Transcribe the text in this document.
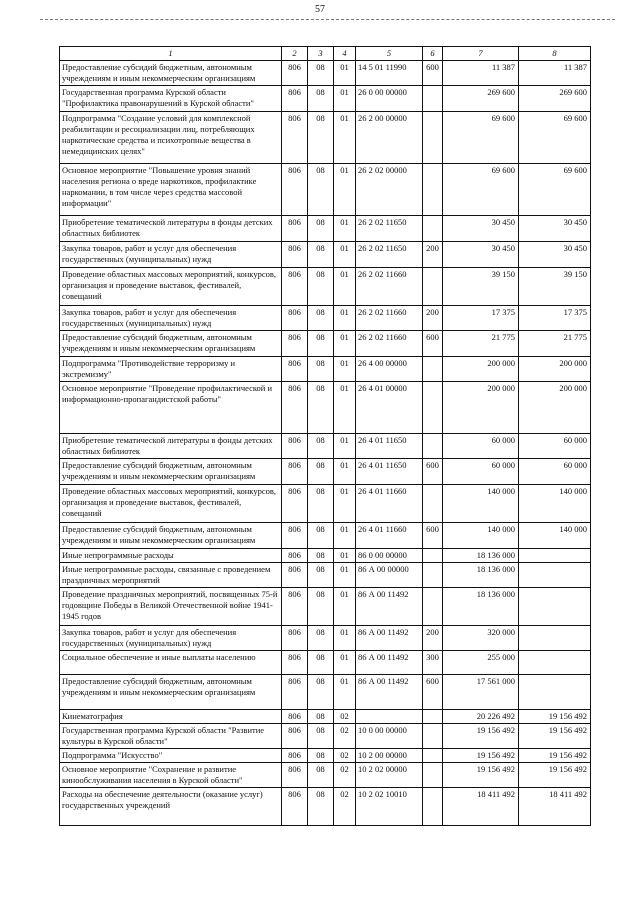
57
1	2	3	4	5	6	7	8
Предоставление субсидий бюджетным, автономным учреждениям и иным некоммерческим организациям	806	08	01	14 5 01 11990	600	11 387	11 387
Государственная программа Курской области "Профилактика правонарушений в Курской области"	806	08	01	26 0 00 00000		269 600	269 600
Подпрограмма "Создание условий для комплексной реабилитации и ресоциализации лиц, потребляющих наркотические средства и психотропные вещества в немедицинских целях"	806	08	01	26 2 00 00000		69 600	69 600
Основное мероприятие "Повышение уровня знаний населения региона о вреде наркотиков, профилактике наркомании, в том числе через средства массовой информации"	806	08	01	26 2 02 00000		69 600	69 600
Приобретение тематической литературы в фонды детских областных библиотек	806	08	01	26 2 02 11650		30 450	30 450
Закупка товаров, работ и услуг для обеспечения государственных (муниципальных) нужд	806	08	01	26 2 02 11650	200	30 450	30 450
Проведение областных массовых мероприятий, конкурсов, организация и проведение выставок, фестивалей, совещаний	806	08	01	26 2 02 11660		39 150	39 150
Закупка товаров, работ и услуг для обеспечения государственных (муниципальных) нужд	806	08	01	26 2 02 11660	200	17 375	17 375
Предоставление субсидий бюджетным, автономным учреждениям и иным некоммерческим организациям	806	08	01	26 2 02 11660	600	21 775	21 775
Подпрограмма "Противодействие терроризму и экстремизму"	806	08	01	26 4 00 00000		200 000	200 000
Основное мероприятие "Проведение профилактической и информационно-пропагандистской работы"	806	08	01	26 4 01 00000		200 000	200 000
Приобретение тематической литературы в фонды детских областных библиотек	806	08	01	26 4 01 11650		60 000	60 000
Предоставление субсидий бюджетным, автономным учреждениям и иным некоммерческим организациям	806	08	01	26 4 01 11650	600	60 000	60 000
Проведение областных массовых мероприятий, конкурсов, организация и проведение выставок, фестивалей, совещаний	806	08	01	26 4 01 11660		140 000	140 000
Предоставление субсидий бюджетным, автономным учреждениям и иным некоммерческим организациям	806	08	01	26 4 01 11660	600	140 000	140 000
Иные непрограммные расходы	806	08	01	86 0 00 00000		18 136 000	
Иные непрограммные расходы, связанные с проведением праздничных мероприятий	806	08	01	86 А 00 00000		18 136 000	
Проведение праздничных мероприятий, посвященных 75-й годовщине Победы в Великой Отечественной войне 1941-1945 годов	806	08	01	86 А 00 11492		18 136 000	
Закупка товаров, работ и услуг для обеспечения государственных (муниципальных) нужд	806	08	01	86 А 00 11492	200	320 000	
Социальное обеспечение и иные выплаты населению	806	08	01	86 А 00 11492	300	255 000	
Предоставление субсидий бюджетным, автономным учреждениям и иным некоммерческим организациям	806	08	01	86 А 00 11492	600	17 561 000	
Кинематография	806	08	02			20 226 492	19 156 492
Государственная программа Курской области "Развитие культуры в Курской области"	806	08	02	10 0 00 00000		19 156 492	19 156 492
Подпрограмма "Искусство"	806	08	02	10 2 00 00000		19 156 492	19 156 492
Основное мероприятие "Сохранение и развитие кинообслуживания населения в Курской области"	806	08	02	10 2 02 00000		19 156 492	19 156 492
Расходы на обеспечение деятельности (оказание услуг) государственных учреждений	806	08	02	10 2 02 10010		18 411 492	18 411 492
